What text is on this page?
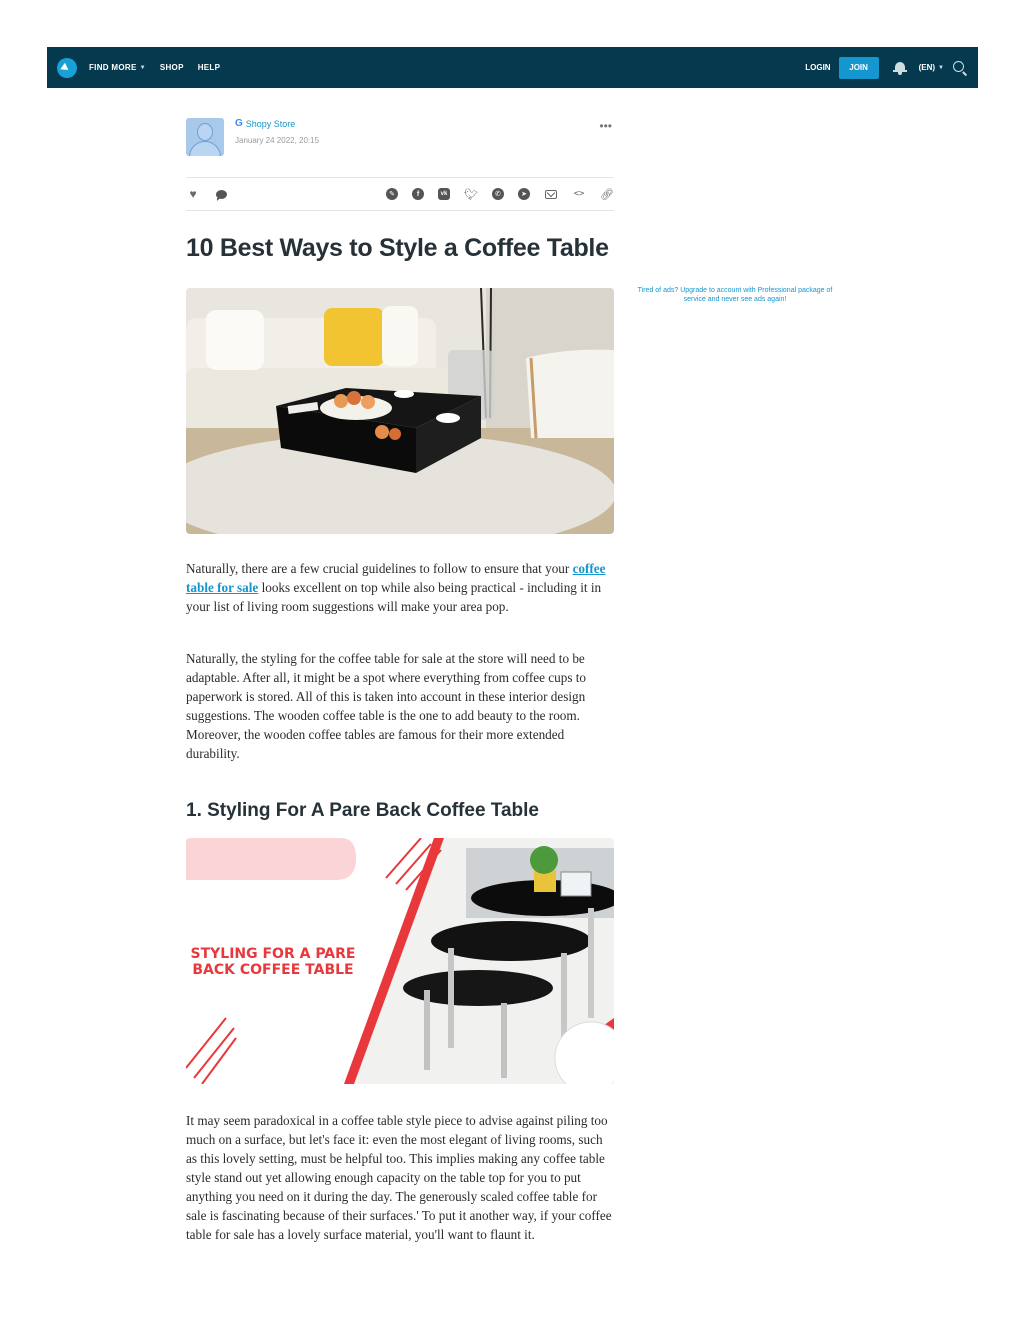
FIND MORE ▼ SHOP HELP	LOGIN	JOIN	(EN) ▼
G Shopy Store
January 24 2022, 20:15
•••
♥	✎	f	vk 🐦︎	✆	➤	<> 🔗︎
10 Best Ways to Style a Coffee Table
Tired of ads? Upgrade to account with Professional package of service and never see ads again!

Naturally, there are a few crucial guidelines to follow to ensure that your coffee table for sale looks excellent on top while also being practical - including it in your list of living room suggestions will make your area pop.

Naturally, the styling for the coffee table for sale at the store will need to be adaptable. After all, it might be a spot where everything from coffee cups to paperwork is stored. All of this is taken into account in these interior design suggestions. The wooden coffee table is the one to add beauty to the room. Moreover, the wooden coffee tables are famous for their more extended durability.

1. Styling For A Pare Back Coffee Table
STYLING FOR A PARE BACK COFFEE TABLE

It may seem paradoxical in a coffee table style piece to advise against piling too much on a surface, but let's face it: even the most elegant of living rooms, such as this lovely setting, must be helpful too. This implies making any coffee table style stand out yet allowing enough capacity on the table top for you to put anything you need on it during the day. The generously scaled coffee table for sale is fascinating because of their surfaces.' To put it another way, if your coffee table for sale has a lovely surface material, you'll want to flaunt it.
